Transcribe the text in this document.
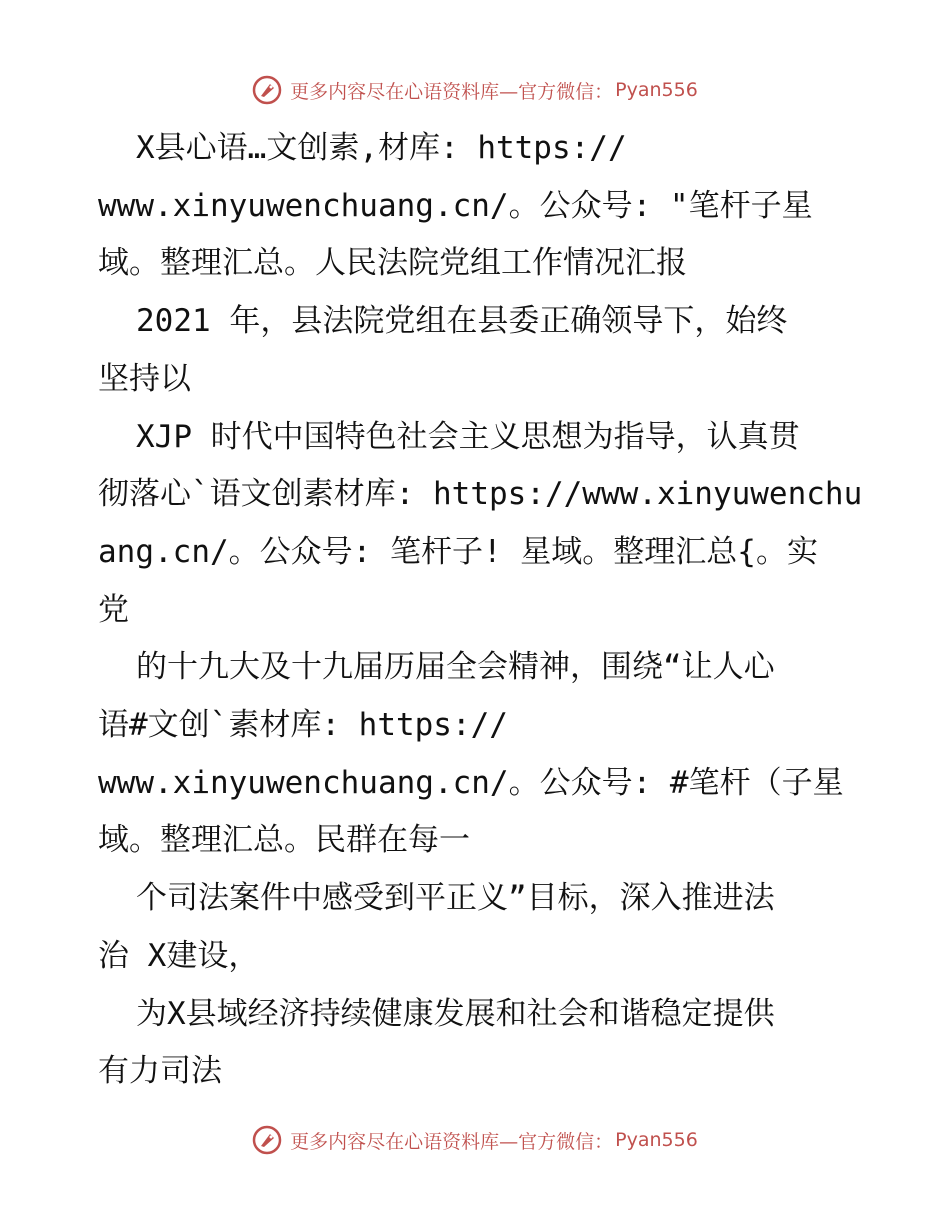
更多内容尽在心语资料库—官方微信： Pyan556

X县心语…文创素,材库: https://
www.xinyuwenchuang.cn/。公众号: "笔杆子星
域。整理汇总。人民法院党组工作情况汇报

2021 年，县法院党组在县委正确领导下，始终
坚持以

XJP 时代中国特色社会主义思想为指导，认真贯
彻落心`语文创素材库: https://www.xinyuwenchu
ang.cn/。公众号: 笔杆子! 星域。整理汇总{。实
党

的十九大及十九届历届全会精神，围绕“让人心
语#文创`素材库: https://
www.xinyuwenchuang.cn/。公众号: #笔杆（子星
域。整理汇总。民群在每一

个司法案件中感受到平正义”目标，深入推进法
治 X建设，

为X县域经济持续健康发展和社会和谐稳定提供
有力司法

更多内容尽在心语资料库—官方微信： Pyan556
